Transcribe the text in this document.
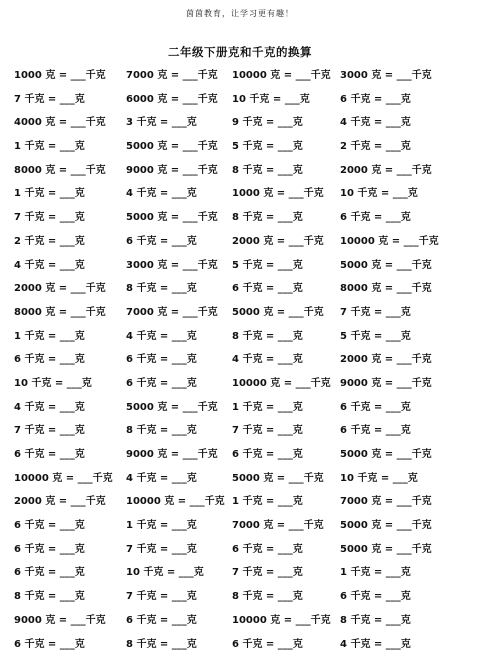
茵茵教育，让学习更有趣！
二年级下册克和千克的换算
1000 克 = ___千克 7000 克 = ___千克 10000 克 = ___千克 3000 克 = ___千克
7 千克 = ___克	6000 克 = ___千克 10 千克 = ___克	6 千克 = ___克
4000 克 = ___千克 3 千克 = ___克	9 千克 = ___克	4 千克 = ___克
1 千克 = ___克	5000 克 = ___千克 5 千克 = ___克	2 千克 = ___克
8000 克 = ___千克 9000 克 = ___千克 8 千克 = ___克	2000 克 = ___千克
1 千克 = ___克	4 千克 = ___克	1000 克 = ___千克 10 千克 = ___克
7 千克 = ___克	5000 克 = ___千克 8 千克 = ___克	6 千克 = ___克
2 千克 = ___克	6 千克 = ___克	2000 克 = ___千克 10000 克 = ___千克
4 千克 = ___克	3000 克 = ___千克 5 千克 = ___克	5000 克 = ___千克
2000 克 = ___千克 8 千克 = ___克	6 千克 = ___克	8000 克 = ___千克
8000 克 = ___千克 7000 克 = ___千克 5000 克 = ___千克 7 千克 = ___克
1 千克 = ___克	4 千克 = ___克	8 千克 = ___克	5 千克 = ___克
6 千克 = ___克	6 千克 = ___克	4 千克 = ___克	2000 克 = ___千克
10 千克 = ___克	6 千克 = ___克	10000 克 = ___千克 9000 克 = ___千克
4 千克 = ___克	5000 克 = ___千克 1 千克 = ___克	6 千克 = ___克
7 千克 = ___克	8 千克 = ___克	7 千克 = ___克	6 千克 = ___克
6 千克 = ___克	9000 克 = ___千克 6 千克 = ___克	5000 克 = ___千克
10000 克 = ___千克 4 千克 = ___克	5000 克 = ___千克 10 千克 = ___克
2000 克 = ___千克 10000 克 = ___千克 1 千克 = ___克	7000 克 = ___千克
6 千克 = ___克	1 千克 = ___克	7000 克 = ___千克 5000 克 = ___千克
6 千克 = ___克	7 千克 = ___克	6 千克 = ___克	5000 克 = ___千克
6 千克 = ___克	10 千克 = ___克	7 千克 = ___克	1 千克 = ___克
8 千克 = ___克	7 千克 = ___克	8 千克 = ___克	6 千克 = ___克
9000 克 = ___千克 6 千克 = ___克	10000 克 = ___千克 8 千克 = ___克
6 千克 = ___克	8 千克 = ___克	6 千克 = ___克	4 千克 = ___克
